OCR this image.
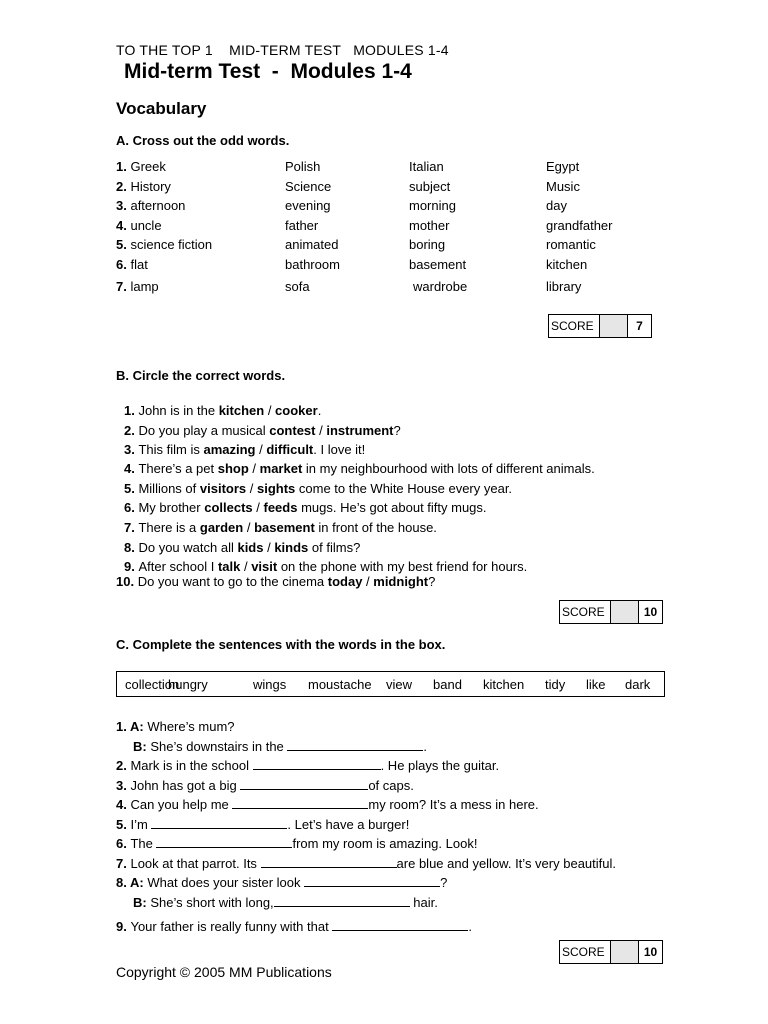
TO THE TOP 1    MID-TERM TEST   MODULES 1-4
Mid-term Test  -  Modules 1-4
Vocabulary
A. Cross out the odd words.
1. Greek	Polish	Italian	Egypt
2. History	Science	subject	Music
3. afternoon	evening	morning	day
4. uncle	father	mother	grandfather
5. science fiction	animated	boring	romantic
6. flat	bathroom	basement	kitchen
7. lamp	sofa	wardrobe	library
SCORE	7
B. Circle the correct words.
1. John is in the kitchen / cooker.
2. Do you play a musical contest / instrument?
3. This film is amazing / difficult. I love it!
4. There’s a pet shop / market in my neighbourhood with lots of different animals.
5. Millions of visitors / sights come to the White House every year.
6. My brother collects / feeds mugs. He’s got about fifty mugs.
7. There is a garden / basement in front of the house.
8. Do you watch all kids / kinds of films?
9. After school I talk / visit on the phone with my best friend for hours.
10. Do you want to go to the cinema today / midnight?
SCORE	10
C. Complete the sentences with the words in the box.
collection
hungry	wings moustache view band kitchen tidy like dark
1. A: Where’s mum?
B: She’s downstairs in the	.
2. Mark is in the school	. He plays the guitar.
3. John has got a big	of caps.
4. Can you help me	my room? It’s a mess in here.
5. I’m	. Let’s have a burger!
6. The	from my room is amazing. Look!
7. Look at that parrot. Its	are blue and yellow. It’s very beautiful.
8. A: What does your sister look	?
B: She’s short with long,	hair.
9. Your father is really funny with that	.
SCORE	10
Copyright © 2005 MM Publications
